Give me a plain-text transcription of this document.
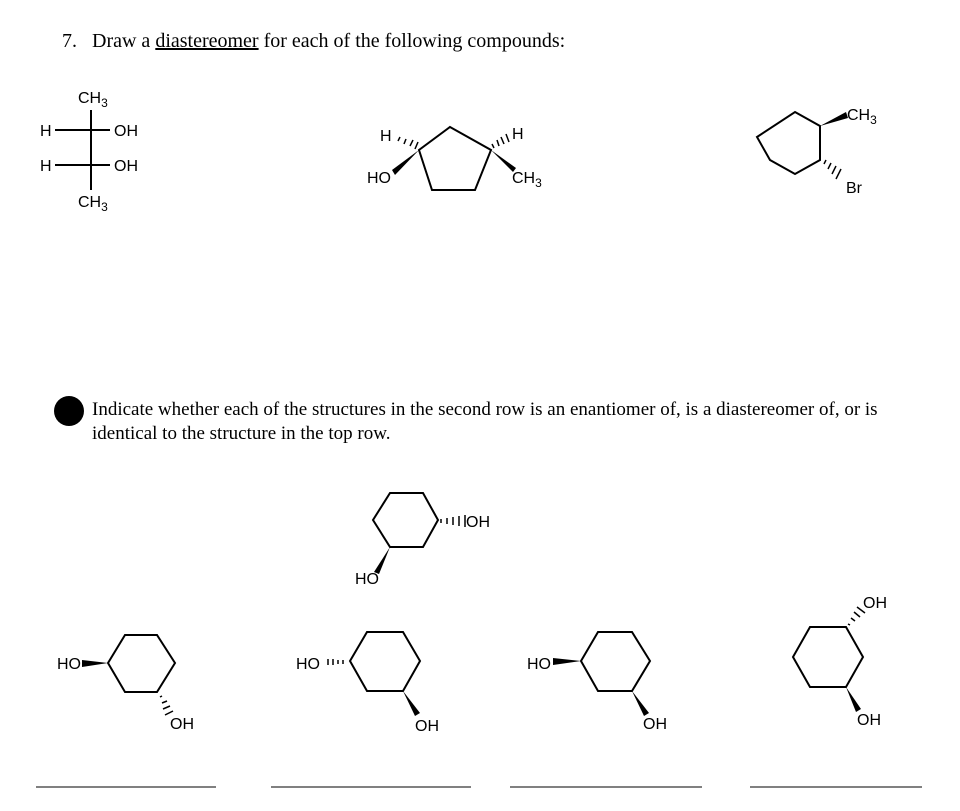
7. Draw a diastereomer for each of the following compounds:
Indicate whether each of the structures in the second row is an enantiomer of, is a diastereomer of, or is identical to the structure in the top row.
$CH_3$
H	OH
H	OH
$CH_3$
H
HO
H
$CH_3$
$CH_3$
Br
HO
OH
HO
OH
HO
OH
HO
OH
OH
OH
